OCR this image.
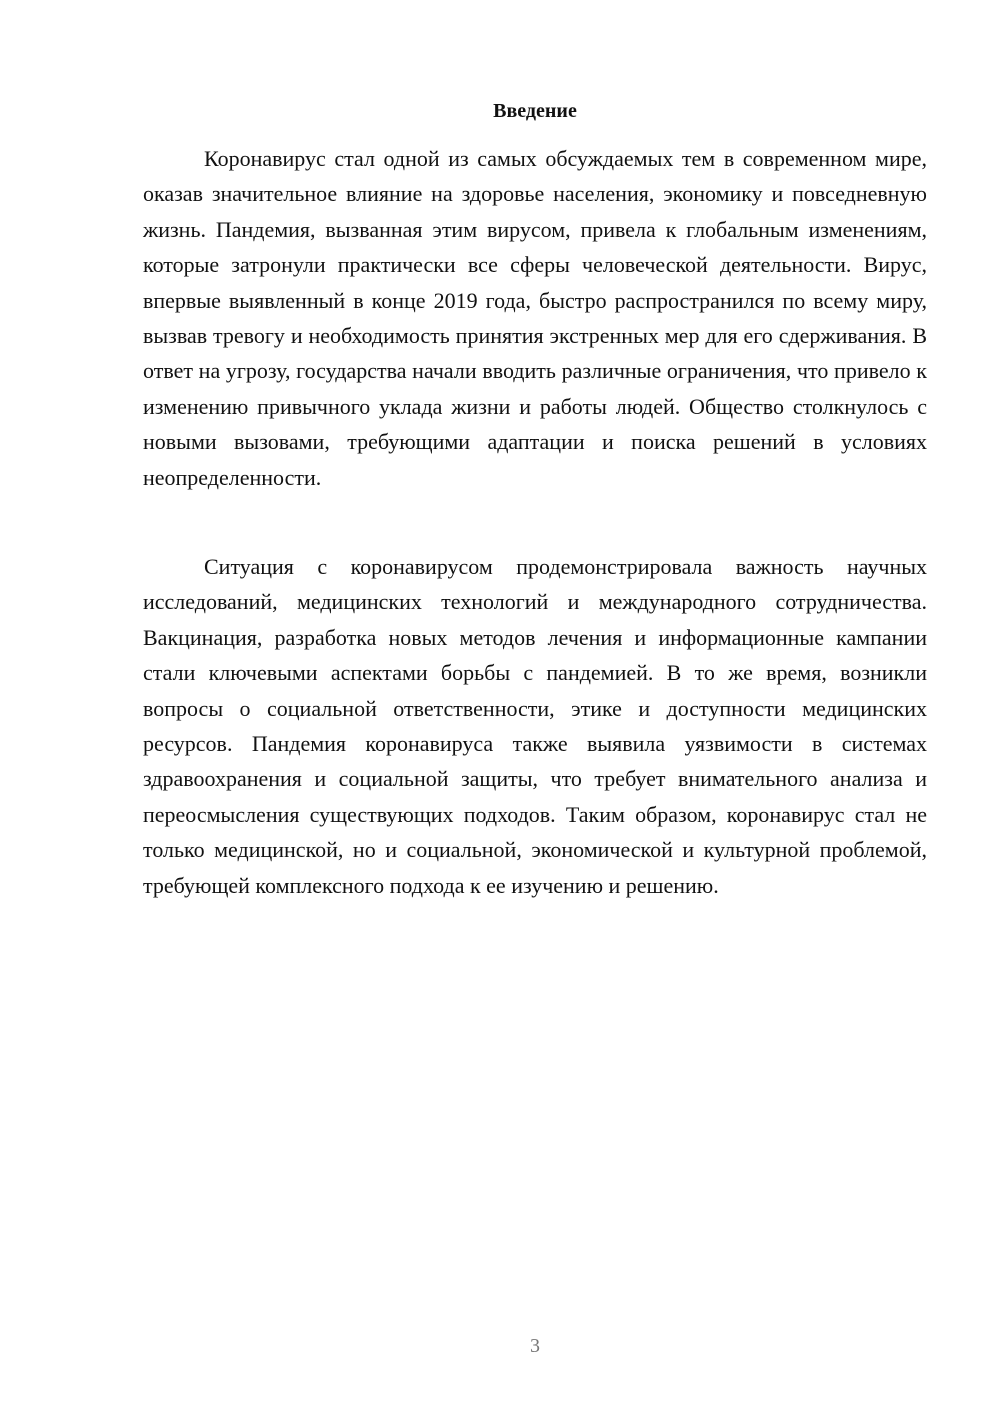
Введение

Коронавирус стал одной из самых обсуждаемых тем в современном мире, оказав значительное влияние на здоровье населения, экономику и повседневную жизнь. Пандемия, вызванная этим вирусом, привела к глобальным изменениям, которые затронули практически все сферы человеческой деятельности. Вирус, впервые выявленный в конце 2019 года, быстро распространился по всему миру, вызвав тревогу и необходимость принятия экстренных мер для его сдерживания. В ответ на угрозу, государства начали вводить различные ограничения, что привело к изменению привычного уклада жизни и работы людей. Общество столкнулось с новыми вызовами, требующими адаптации и поиска решений в условиях неопределенности.

Ситуация с коронавирусом продемонстрировала важность научных исследований, медицинских технологий и международного сотрудничества. Вакцинация, разработка новых методов лечения и информационные кампании стали ключевыми аспектами борьбы с пандемией. В то же время, возникли вопросы о социальной ответственности, этике и доступности медицинских ресурсов. Пандемия коронавируса также выявила уязвимости в системах здравоохранения и социальной защиты, что требует внимательного анализа и переосмысления существующих подходов. Таким образом, коронавирус стал не только медицинской, но и социальной, экономической и культурной проблемой, требующей комплексного подхода к ее изучению и решению.

3
